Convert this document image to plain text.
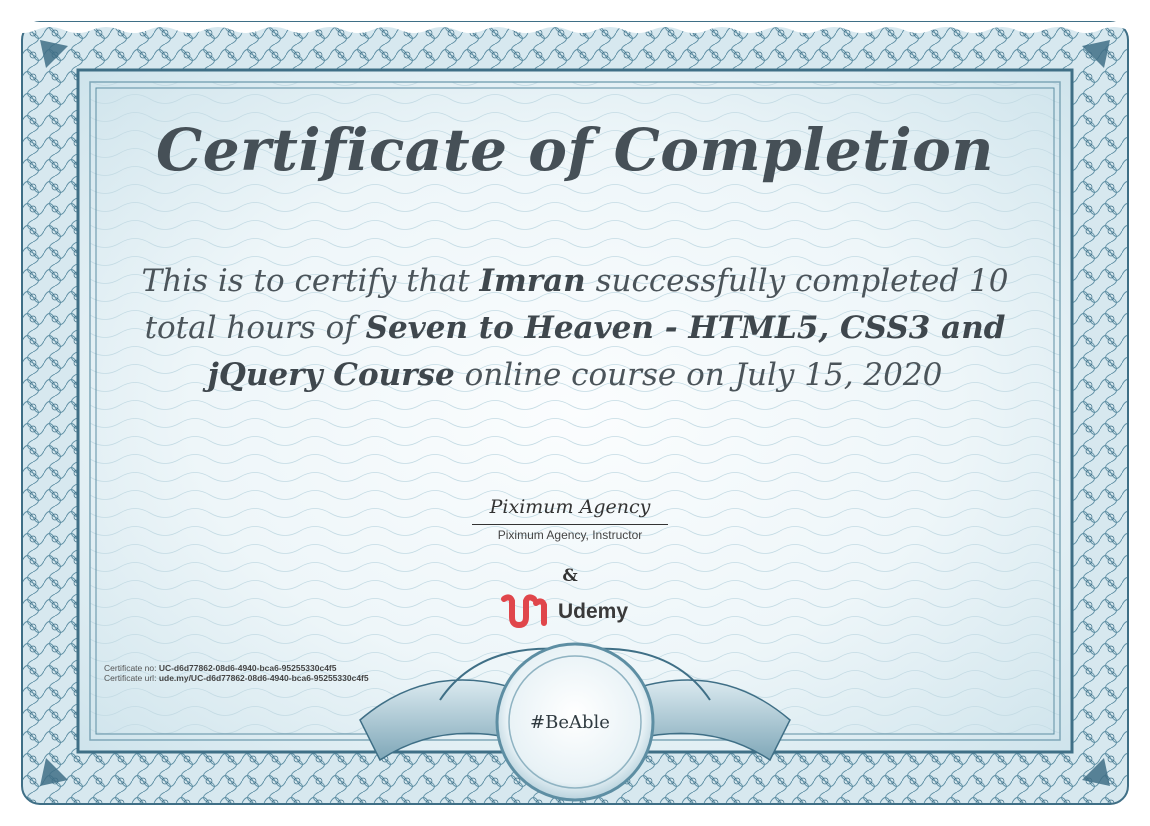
Certificate of Completion

This is to certify that Imran successfully completed 10 total hours of Seven to Heaven - HTML5, CSS3 and jQuery Course online course on July 15, 2020

Piximum Agency
Piximum Agency, Instructor
&
Udemy
Certificate no: UC-d6d77862-08d6-4940-bca6-95255330c4f5
Certificate url: ude.my/UC-d6d77862-08d6-4940-bca6-95255330c4f5
#BeAble
